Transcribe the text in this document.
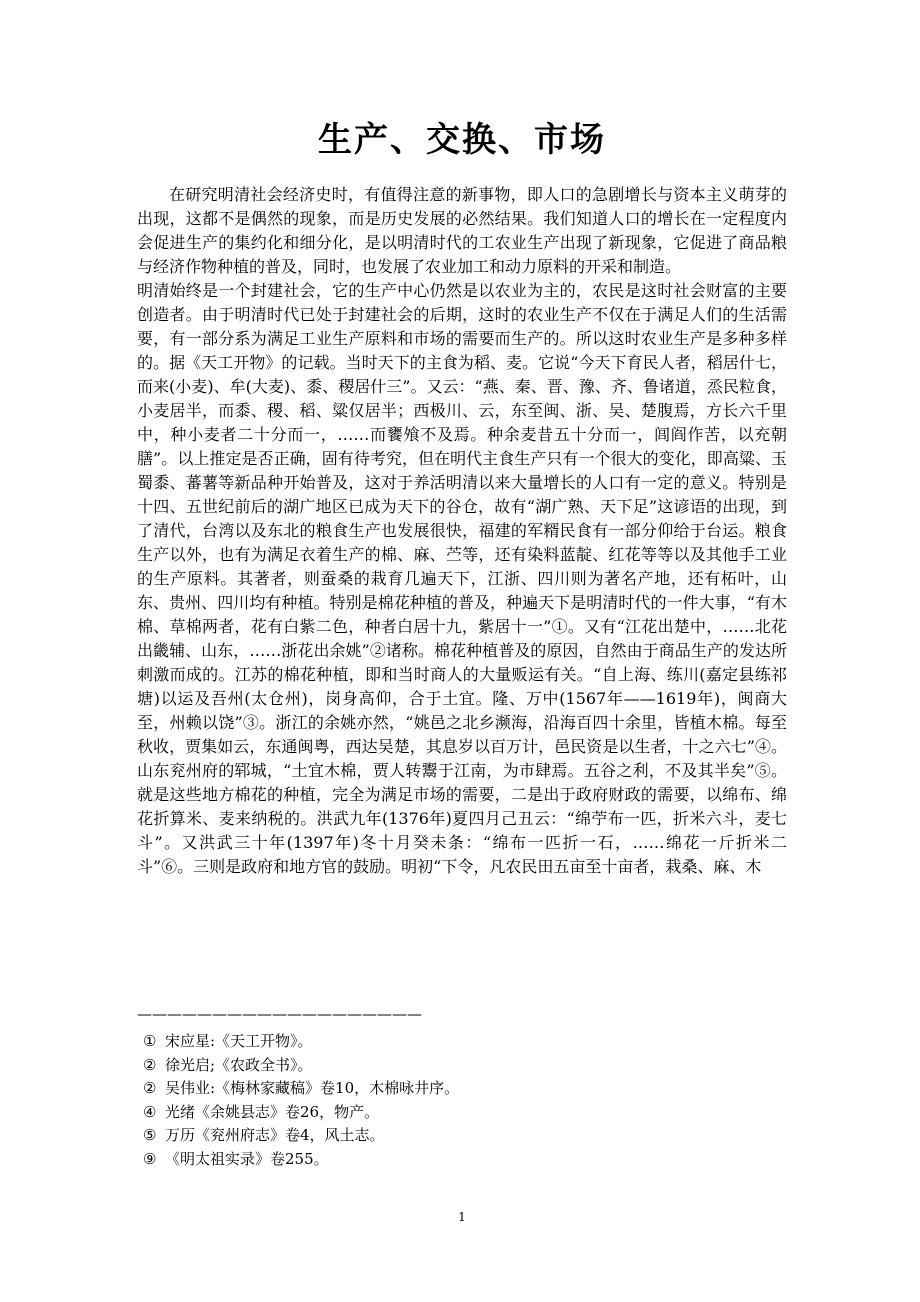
生产、交换、市场

在研究明清社会经济史时，有值得注意的新事物，即人口的急剧增长与资本主义萌芽的出现，这都不是偶然的现象，而是历史发展的必然结果。我们知道人口的增长在一定程度内会促进生产的集约化和细分化，是以明清时代的工农业生产出现了新现象，它促进了商品粮与经济作物种植的普及，同时，也发展了农业加工和动力原料的开采和制造。

明清始终是一个封建社会，它的生产中心仍然是以农业为主的，农民是这时社会财富的主要创造者。由于明清时代已处于封建社会的后期，这时的农业生产不仅在于满足人们的生活需要，有一部分系为满足工业生产原料和市场的需要而生产的。所以这时农业生产是多种多样的。据《天工开物》的记载。当时天下的主食为稻、麦。它说“今天下育民人者，稻居什七，而来(小麦)、牟(大麦)、黍、稷居什三”。又云：“燕、秦、晋、豫、齐、鲁诸道，烝民粒食，小麦居半，而黍、稷、稻、粱仅居半；西极川、云，东至闽、浙、吴、楚腹焉，方长六千里中，种小麦者二十分而一，……而饔飧不及焉。种余麦昔五十分而一，闾阎作苦，以充朝膳”。以上推定是否正确，固有待考究，但在明代主食生产只有一个很大的变化，即高粱、玉蜀黍、蕃薯等新品种开始普及，这对于养活明清以来大量增长的人口有一定的意义。特别是十四、五世纪前后的湖广地区已成为天下的谷仓，故有“湖广熟、天下足”这谚语的出现，到了清代，台湾以及东北的粮食生产也发展很快，福建的军糈民食有一部分仰给于台运。粮食生产以外，也有为满足衣着生产的棉、麻、苎等，还有染料蓝靛、红花等等以及其他手工业的生产原料。其著者，则蚕桑的栽育几遍天下，江浙、四川则为著名产地，还有柘叶，山东、贵州、四川均有种植。特别是棉花种植的普及，种遍天下是明清时代的一件大事，“有木棉、草棉两者，花有白紫二色，种者白居十九，紫居十一”①。又有“江花出楚中，……北花出畿辅、山东，……浙花出余姚”②诸称。棉花种植普及的原因，自然由于商品生产的发达所刺激而成的。江苏的棉花种植，即和当时商人的大量贩运有关。“自上海、练川(嘉定县练祁塘)以运及吾州(太仓州)，岗身高仰，合于土宜。隆、万中(1567年——1619年)，闽商大至，州赖以饶”③。浙江的余姚亦然，“姚邑之北乡濒海，沿海百四十余里，皆植木棉。每至秋收，贾集如云，东通闽粤，西达吴楚，其息岁以百万计，邑民资是以生者，十之六七”④。山东兖州府的郓城，“土宜木棉，贾人转鬻于江南，为市肆焉。五谷之利，不及其半矣”⑤。就是这些地方棉花的种植，完全为满足市场的需要，二是出于政府财政的需要，以绵布、绵花折算米、麦来纳税的。洪武九年(1376年)夏四月己丑云：“绵苧布一匹，折米六斗，麦七斗”。又洪武三十年(1397年)冬十月癸未条：“绵布一匹折一石，……绵花一斤折米二斗”⑥。三则是政府和地方官的鼓励。明初“下令，凡农民田五亩至十亩者，栽桑、麻、木

———————————————————
① 宋应星:《天工开物》。
② 徐光启;《农政全书》。
② 吴伟业:《梅林家藏稿》卷10，木棉咏井序。
④ 光绪《余姚县志》卷26，物产。
⑤ 万历《兖州府志》卷4，风土志。
⑨ 《明太祖实录》卷255。
1
